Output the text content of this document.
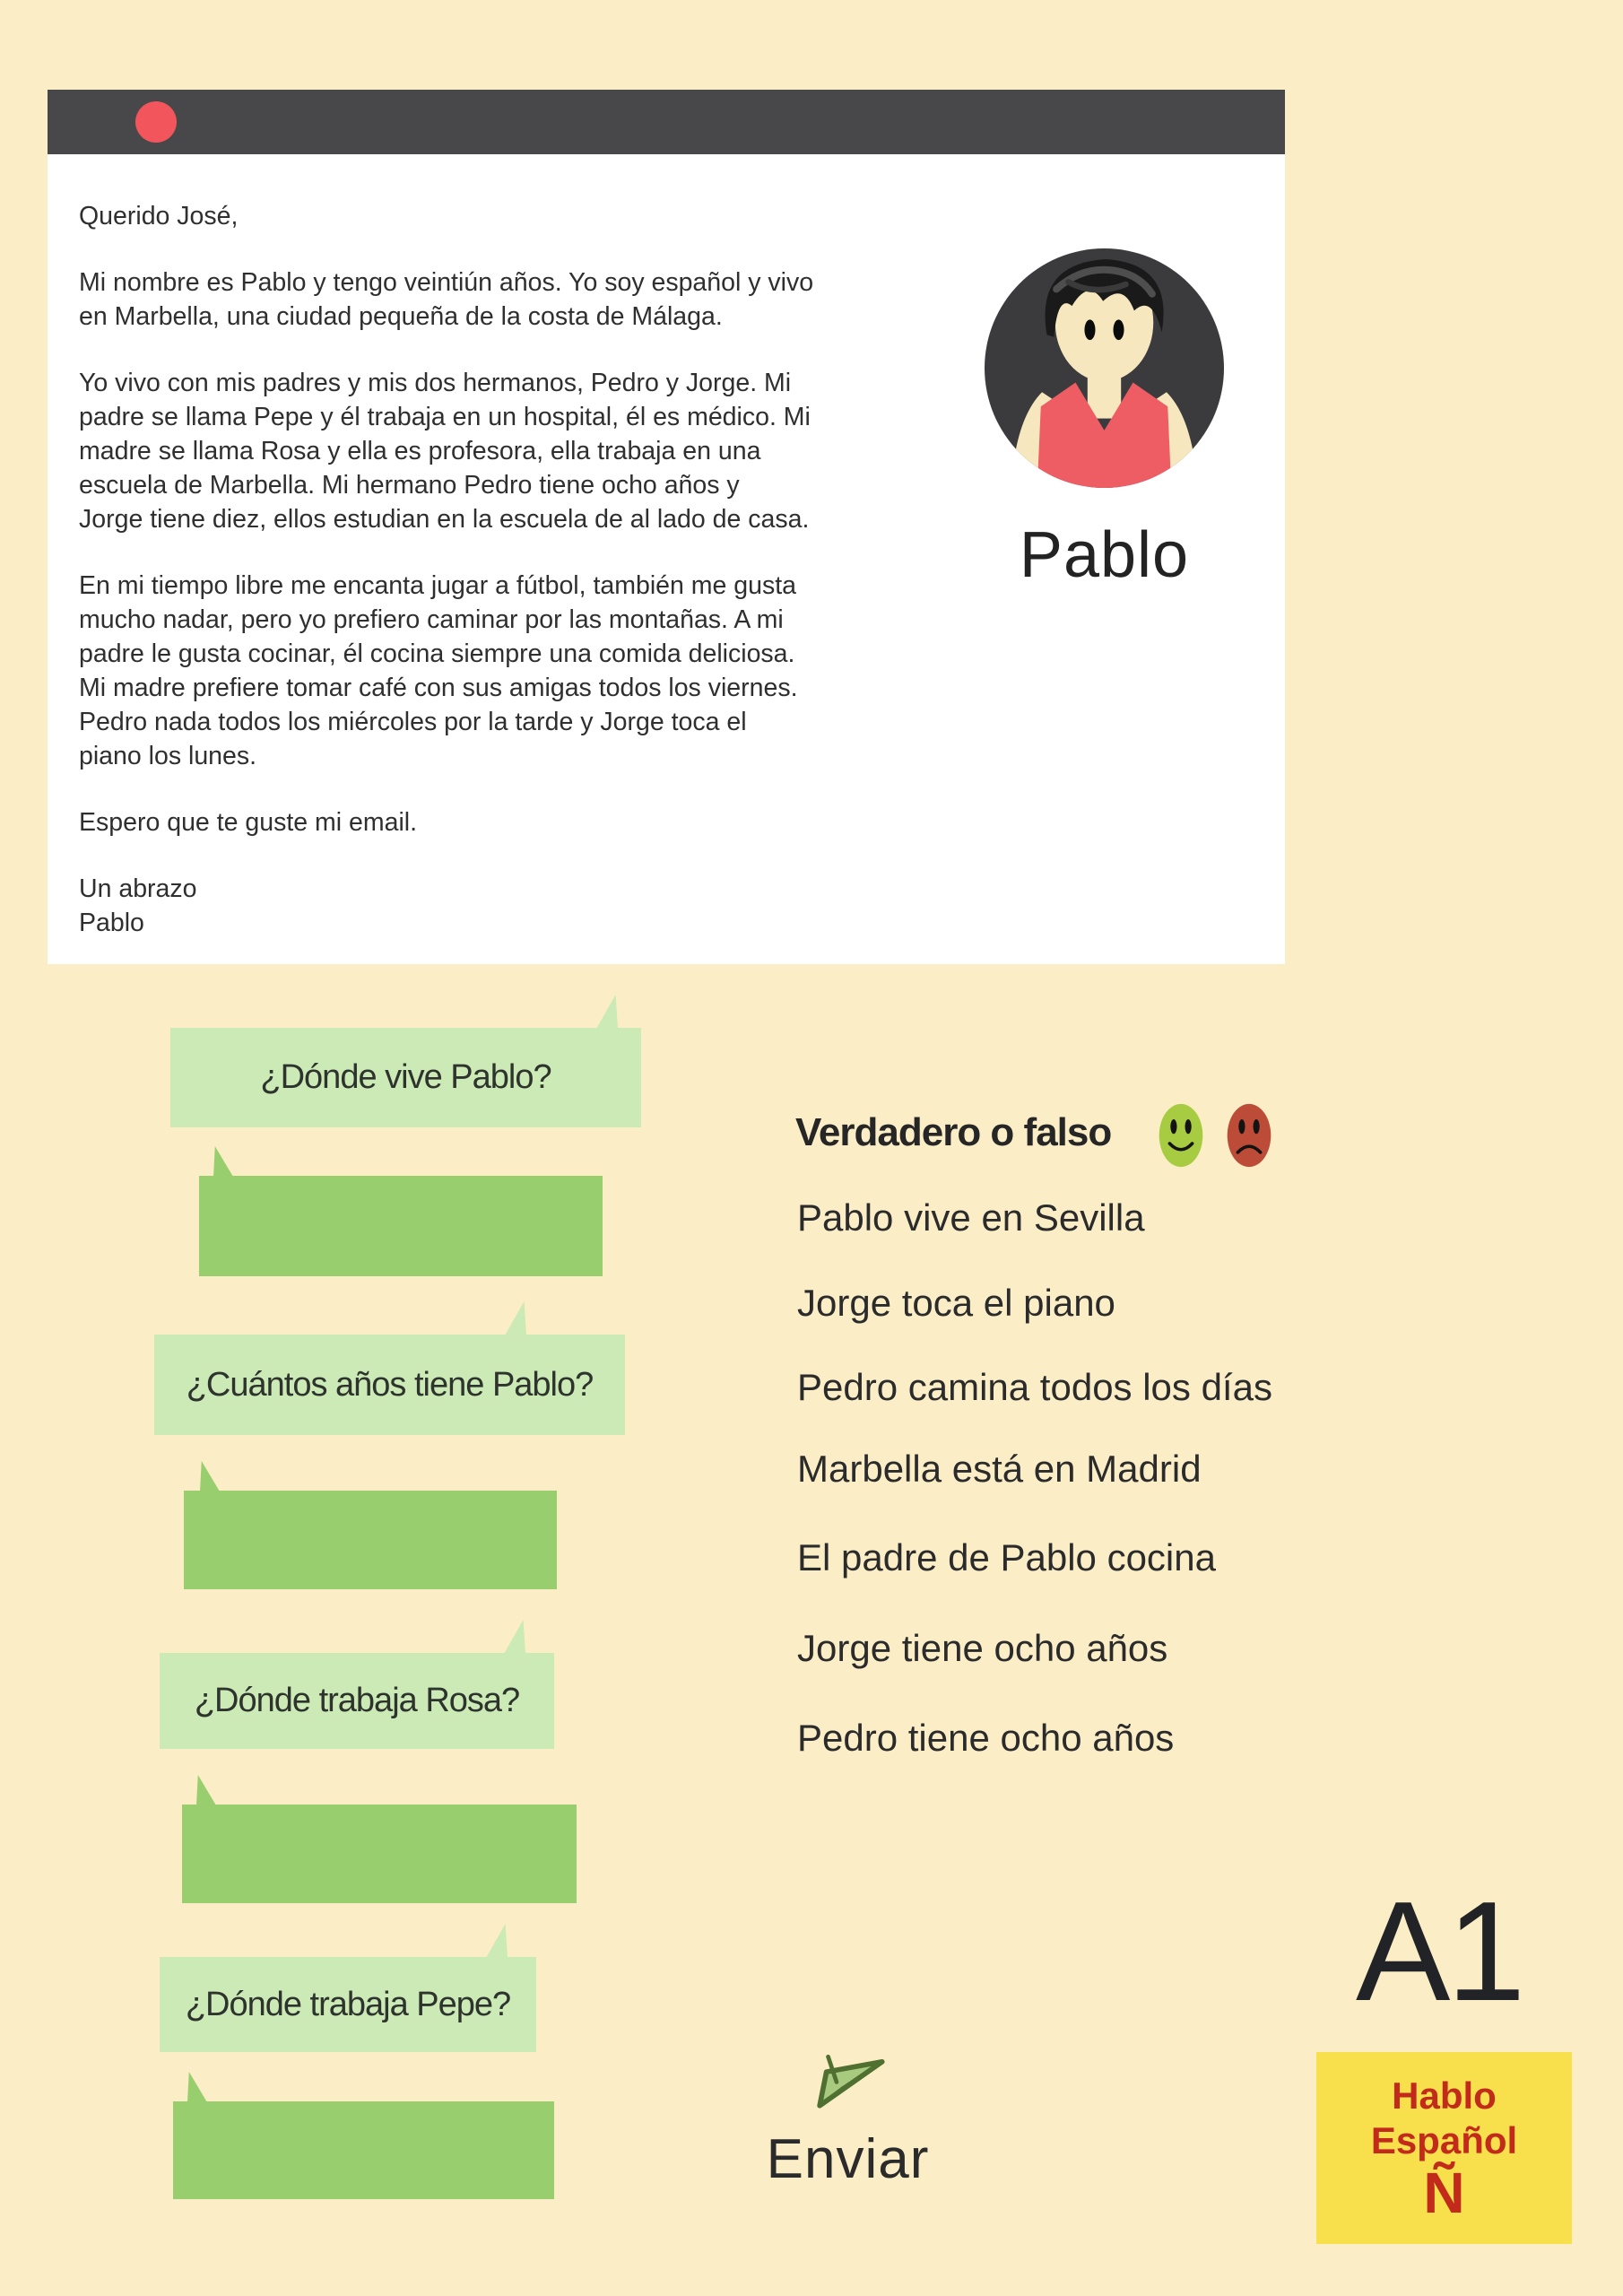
Querido José,
Mi nombre es Pablo y tengo veintiún años. Yo soy español y vivo
en Marbella, una ciudad pequeña de la costa de Málaga.
Yo vivo con mis padres y mis dos hermanos, Pedro y Jorge. Mi
padre se llama Pepe y él trabaja en un hospital, él es médico. Mi
madre se llama Rosa y ella es profesora, ella trabaja en una
escuela de Marbella. Mi hermano Pedro tiene ocho años y
Jorge tiene diez, ellos estudian en la escuela de al lado de casa.
En mi tiempo libre me encanta jugar a fútbol, también me gusta
mucho nadar, pero yo prefiero caminar por las montañas. A mi
padre le gusta cocinar, él cocina siempre una comida deliciosa.
Mi madre prefiere tomar café con sus amigas todos los viernes.
Pedro nada todos los miércoles por la tarde y Jorge toca el
piano los lunes.
Espero que te guste mi email.
Un abrazo
Pablo
Pablo
¿Dónde vive Pablo?
¿Cuántos años tiene Pablo?
¿Dónde trabaja Rosa?
¿Dónde trabaja Pepe?
Verdadero o falso
Pablo vive en Sevilla
Jorge toca el piano
Pedro camina todos los días
Marbella está en Madrid
El padre de Pablo cocina
Jorge tiene ocho años
Pedro tiene ocho años
Enviar
A1
Hablo
Español
Ñ
